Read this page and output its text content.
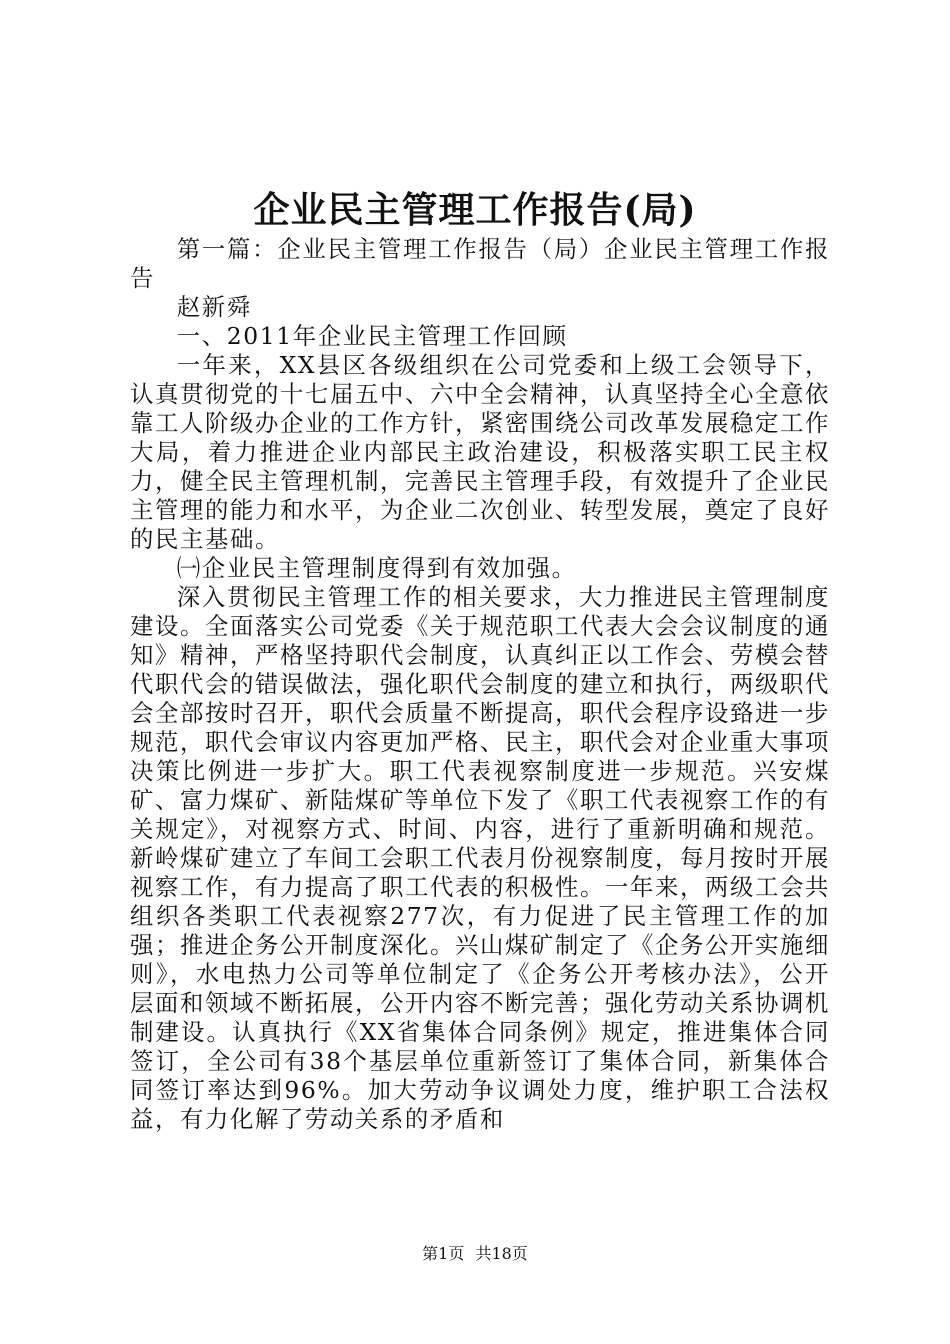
企业民主管理工作报告(局)

第一篇：企业民主管理工作报告（局）企业民主管理工作报告

赵新舜

一、2011年企业民主管理工作回顾

一年来，XX县区各级组织在公司党委和上级工会领导下，认真贯彻党的十七届五中、六中全会精神，认真坚持全心全意依靠工人阶级办企业的工作方针，紧密围绕公司改革发展稳定工作大局，着力推进企业内部民主政治建设，积极落实职工民主权力，健全民主管理机制，完善民主管理手段，有效提升了企业民主管理的能力和水平，为企业二次创业、转型发展，奠定了良好的民主基础。

㈠企业民主管理制度得到有效加强。

深入贯彻民主管理工作的相关要求，大力推进民主管理制度建设。全面落实公司党委《关于规范职工代表大会会议制度的通知》精神，严格坚持职代会制度，认真纠正以工作会、劳模会替代职代会的错误做法，强化职代会制度的建立和执行，两级职代会全部按时召开，职代会质量不断提高，职代会程序设臵进一步规范，职代会审议内容更加严格、民主，职代会对企业重大事项决策比例进一步扩大。职工代表视察制度进一步规范。兴安煤矿、富力煤矿、新陆煤矿等单位下发了《职工代表视察工作的有关规定》，对视察方式、时间、内容，进行了重新明确和规范。新岭煤矿建立了车间工会职工代表月份视察制度，每月按时开展视察工作，有力提高了职工代表的积极性。一年来，两级工会共组织各类职工代表视察277次，有力促进了民主管理工作的加强；推进企务公开制度深化。兴山煤矿制定了《企务公开实施细则》，水电热力公司等单位制定了《企务公开考核办法》，公开层面和领域不断拓展，公开内容不断完善；强化劳动关系协调机制建设。认真执行《XX省集体合同条例》规定，推进集体合同签订，全公司有38个基层单位重新签订了集体合同，新集体合同签订率达到96%。加大劳动争议调处力度，维护职工合法权益，有力化解了劳动关系的矛盾和

第1页 共18页
